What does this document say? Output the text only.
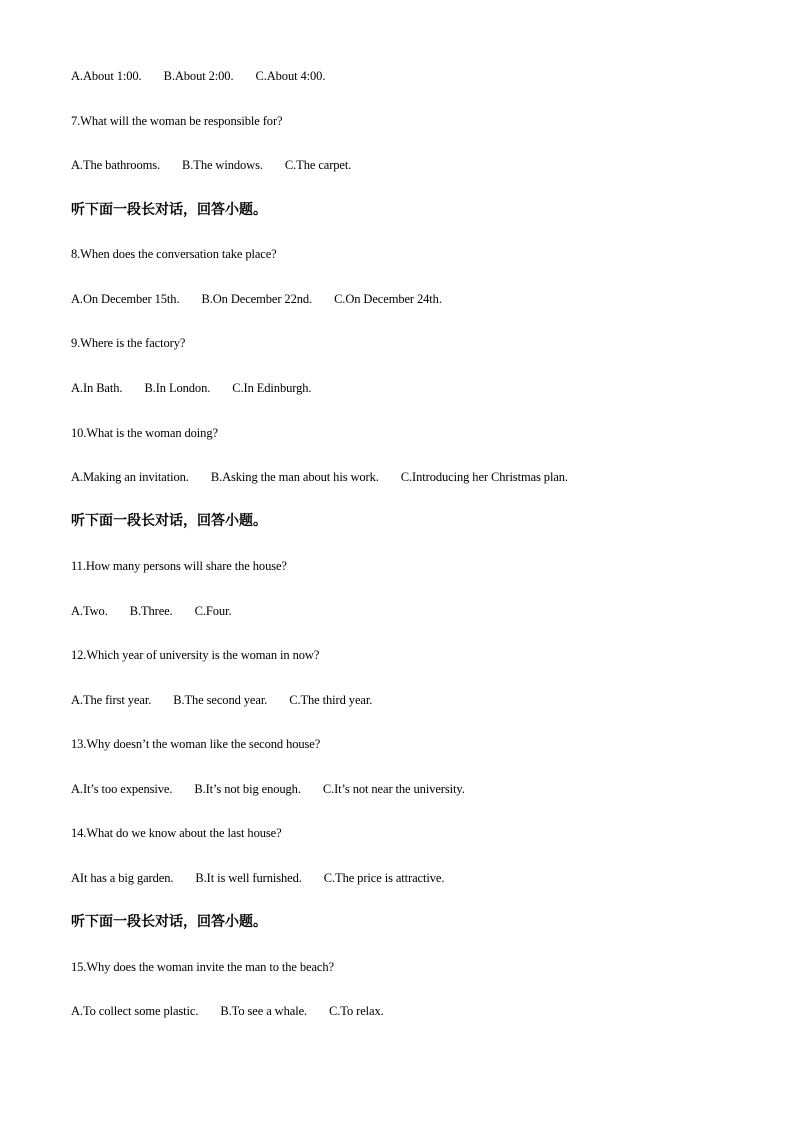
A.About 1:00. B.About 2:00. C.About 4:00.
7.What will the woman be responsible for?
A.The bathrooms. B.The windows. C.The carpet.
听下面一段长对话，回答小题。
8.When does the conversation take place?
A.On December 15th. B.On December 22nd. C.On December 24th.
9.Where is the factory?
A.In Bath. B.In London. C.In Edinburgh.
10.What is the woman doing?
A.Making an invitation. B.Asking the man about his work. C.Introducing her Christmas plan.
听下面一段长对话，回答小题。
11.How many persons will share the house?
A.Two. B.Three. C.Four.
12.Which year of university is the woman in now?
A.The first year. B.The second year. C.The third year.
13.Why doesn’t the woman like the second house?
A.It’s too expensive. B.It’s not big enough. C.It’s not near the university.
14.What do we know about the last house?
AIt has a big garden. B.It is well furnished. C.The price is attractive.
听下面一段长对话，回答小题。
15.Why does the woman invite the man to the beach?
A.To collect some plastic. B.To see a whale. C.To relax.
